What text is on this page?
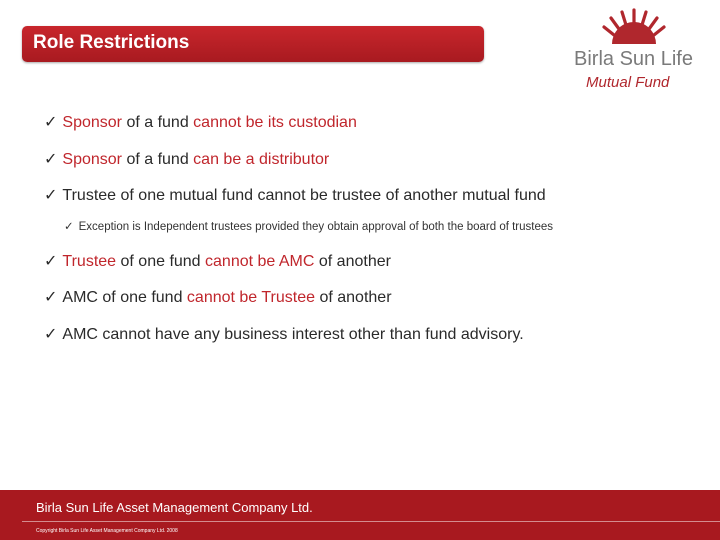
Role Restrictions
Birla Sun Life
Mutual Fund
✓ Sponsor of a fund cannot be its custodian
✓ Sponsor of a fund can be a distributor
✓ Trustee of one mutual fund cannot be trustee of another mutual fund
✓ Exception is Independent trustees provided they obtain approval of both the board of trustees
✓ Trustee of one fund cannot be AMC of another
✓ AMC of one fund cannot be Trustee of another
✓ AMC cannot have any business interest other than fund advisory.
Birla Sun Life Asset Management Company Ltd.
Copyright Birla Sun Life Asset Management Company Ltd. 2008
